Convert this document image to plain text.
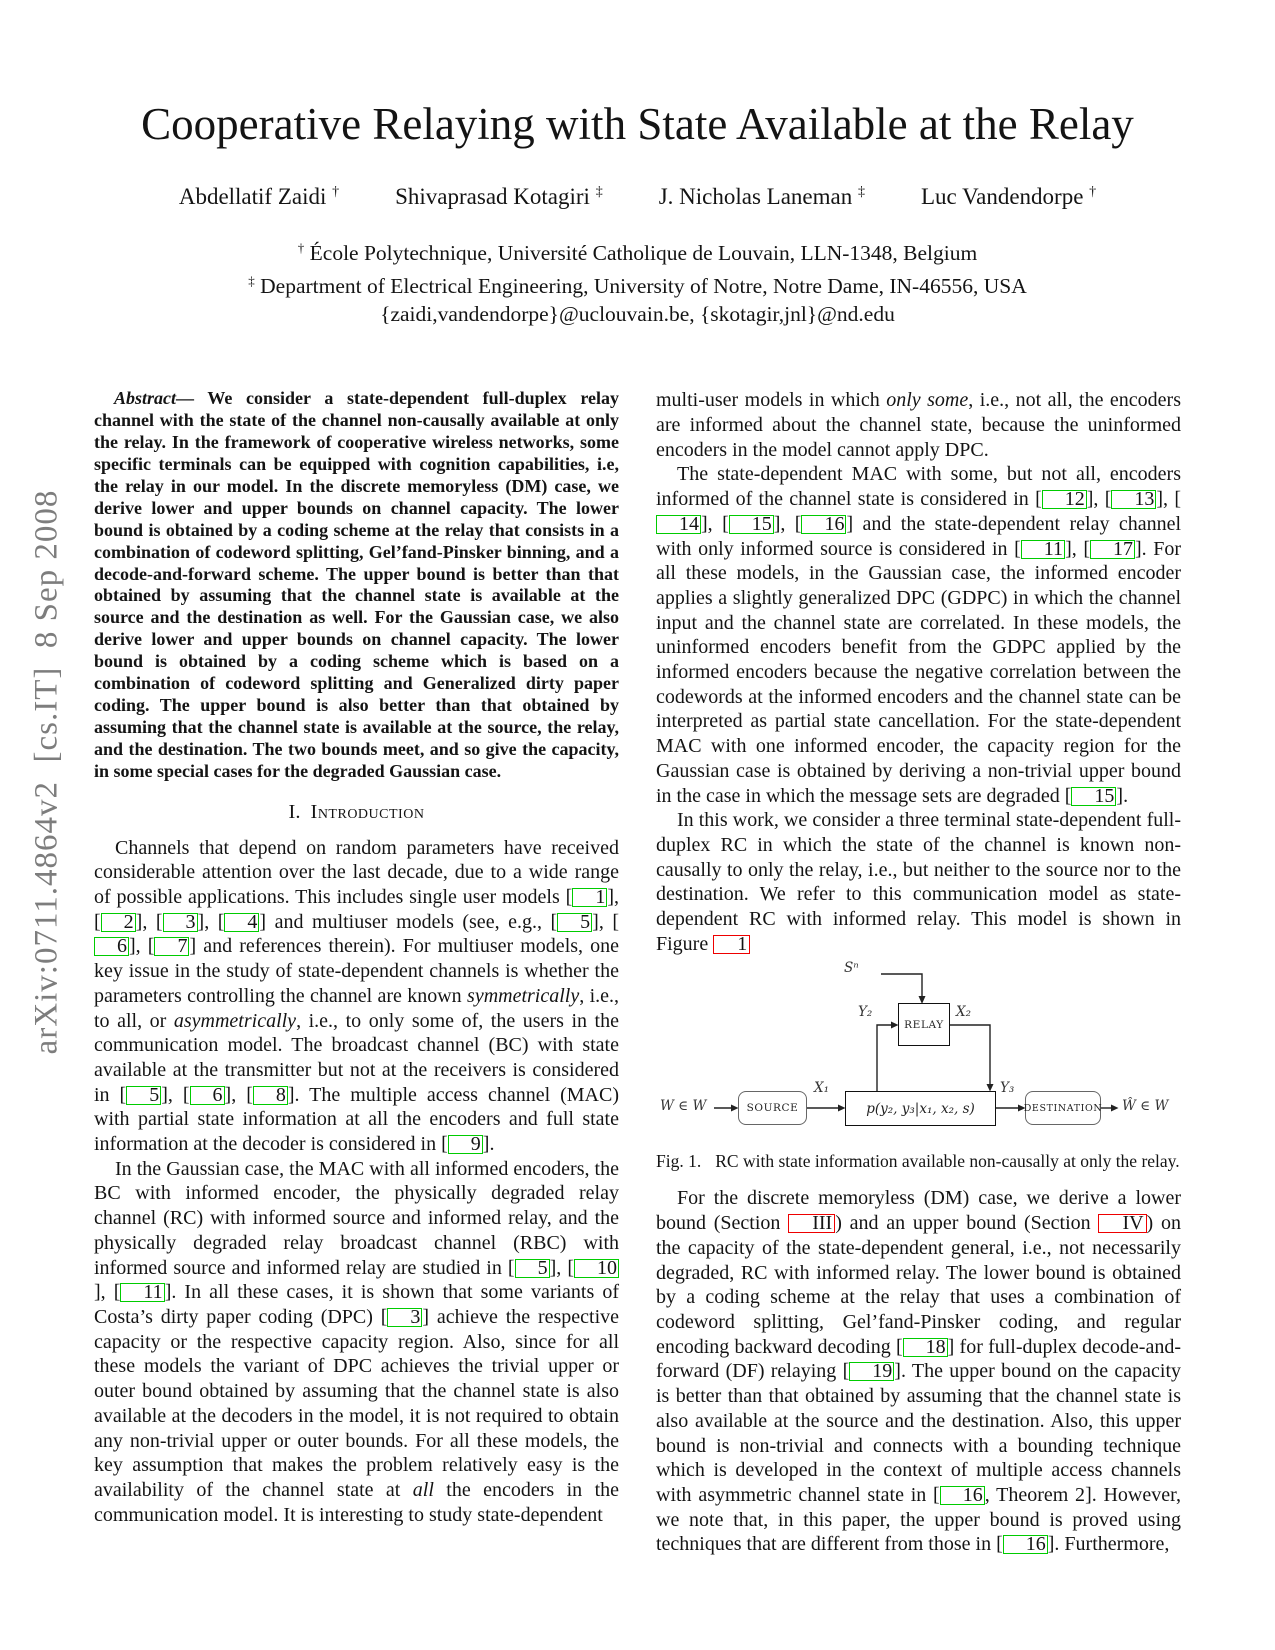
arXiv:0711.4864v2  [cs.IT]  8 Sep 2008
Cooperative Relaying with State Available at the Relay
Abdellatif Zaidi † Shivaprasad Kotagiri ‡ J. Nicholas Laneman ‡ Luc Vandendorpe †
† École Polytechnique, Université Catholique de Louvain, LLN-1348, Belgium
‡ Department of Electrical Engineering, University of Notre, Notre Dame, IN-46556, USA
{zaidi,vandendorpe}@uclouvain.be, {skotagir,jnl}@nd.edu

Abstract— We consider a state-dependent full-duplex relay channel with the state of the channel non-causally available at only the relay. In the framework of cooperative wireless networks, some specific terminals can be equipped with cognition capabilities, i.e, the relay in our model. In the discrete memoryless (DM) case, we derive lower and upper bounds on channel capacity. The lower bound is obtained by a coding scheme at the relay that consists in a combination of codeword splitting, Gel’fand-Pinsker binning, and a decode-and-forward scheme. The upper bound is better than that obtained by assuming that the channel state is available at the source and the destination as well. For the Gaussian case, we also derive lower and upper bounds on channel capacity. The lower bound is obtained by a coding scheme which is based on a combination of codeword splitting and Generalized dirty paper coding. The upper bound is also better than that obtained by assuming that the channel state is available at the source, the relay, and the destination. The two bounds meet, and so give the capacity, in some special cases for the degraded Gaussian case.

I. Introduction

Channels that depend on random parameters have received considerable attention over the last decade, due to a wide range of possible applications. This includes single user models [ 1 ], [ 2 ], [ 3 ], [ 4 ] and multiuser models (see, e.g., [ 5 ], [6 ], [ 7 ] and references therein). For multiuser models, one key issue in the study of state-dependent channels is whether the parameters controlling the channel are known symmetrically, i.e., to all, or asymmetrically, i.e., to only some of, the users in the communication model. The broadcast channel (BC) with state available at the transmitter but not at the receivers is considered in [ 5 ], [ 6 ], [ 8 ]. The multiple access channel (MAC) with partial state information at all the encoders and full state information at the decoder is considered in [ 9 ].

In the Gaussian case, the MAC with all informed encoders, the BC with informed encoder, the physically degraded relay channel (RC) with informed source and informed relay, and the physically degraded relay broadcast channel (RBC) with informed source and informed relay are studied in [ 5 ], [ 10], [ 11 ]. In all these cases, it is shown that some variants of Costa’s dirty paper coding (DPC) [ 3 ] achieve the respective capacity or the respective capacity region. Also, since for all these models the variant of DPC achieves the trivial upper or outer bound obtained by assuming that the channel state is also available at the decoders in the model, it is not required to obtain any non-trivial upper or outer bounds. For all these models, the key assumption that makes the problem relatively easy is the availability of the channel state at all the encoders in the communication model. It is interesting to study state-dependent

multi-user models in which only some, i.e., not all, the encoders are informed about the channel state, because the uninformed encoders in the model cannot apply DPC.

The state-dependent MAC with some, but not all, encoders informed of the channel state is considered in [ 12 ], [ 13 ], [14 ], [ 15 ], [ 16 ] and the state-dependent relay channel with only informed source is considered in [ 11 ], [ 17 ]. For all these models, in the Gaussian case, the informed encoder applies a slightly generalized DPC (GDPC) in which the channel input and the channel state are correlated. In these models, the uninformed encoders benefit from the GDPC applied by the informed encoders because the negative correlation between the codewords at the informed encoders and the channel state can be interpreted as partial state cancellation. For the state-dependent MAC with one informed encoder, the capacity region for the Gaussian case is obtained by deriving a non-trivial upper bound in the case in which the message sets are degraded [ 15 ].

In this work, we consider a three terminal state-dependent full-duplex RC in which the state of the channel is known non-causally to only the relay, i.e., but neither to the source nor to the destination. We refer to this communication model as state-dependent RC with informed relay. This model is shown in Figure 1

Sⁿ
Y₂	X₂
X₁	Y₃
W ∈ W	Ŵ ∈ W
RELAY
SOURCE	p(y₂, y₃|x₁, x₂, s)	DESTINATION
Fig. 1. RC with state information available non-causally at only the relay.

For the discrete memoryless (DM) case, we derive a lower bound (Section III ) and an upper bound (Section IV ) on the capacity of the state-dependent general, i.e., not necessarily degraded, RC with informed relay. The lower bound is obtained by a coding scheme at the relay that uses a combination of codeword splitting, Gel’fand-Pinsker coding, and regular encoding backward decoding [ 18 ] for full-duplex decode-and-forward (DF) relaying [ 19 ]. The upper bound on the capacity is better than that obtained by assuming that the channel state is also available at the source and the destination. Also, this upper bound is non-trivial and connects with a bounding technique which is developed in the context of multiple access channels with asymmetric channel state in [ 16 , Theorem 2]. However, we note that, in this paper, the upper bound is proved using techniques that are different from those in [ 16 ]. Furthermore,
